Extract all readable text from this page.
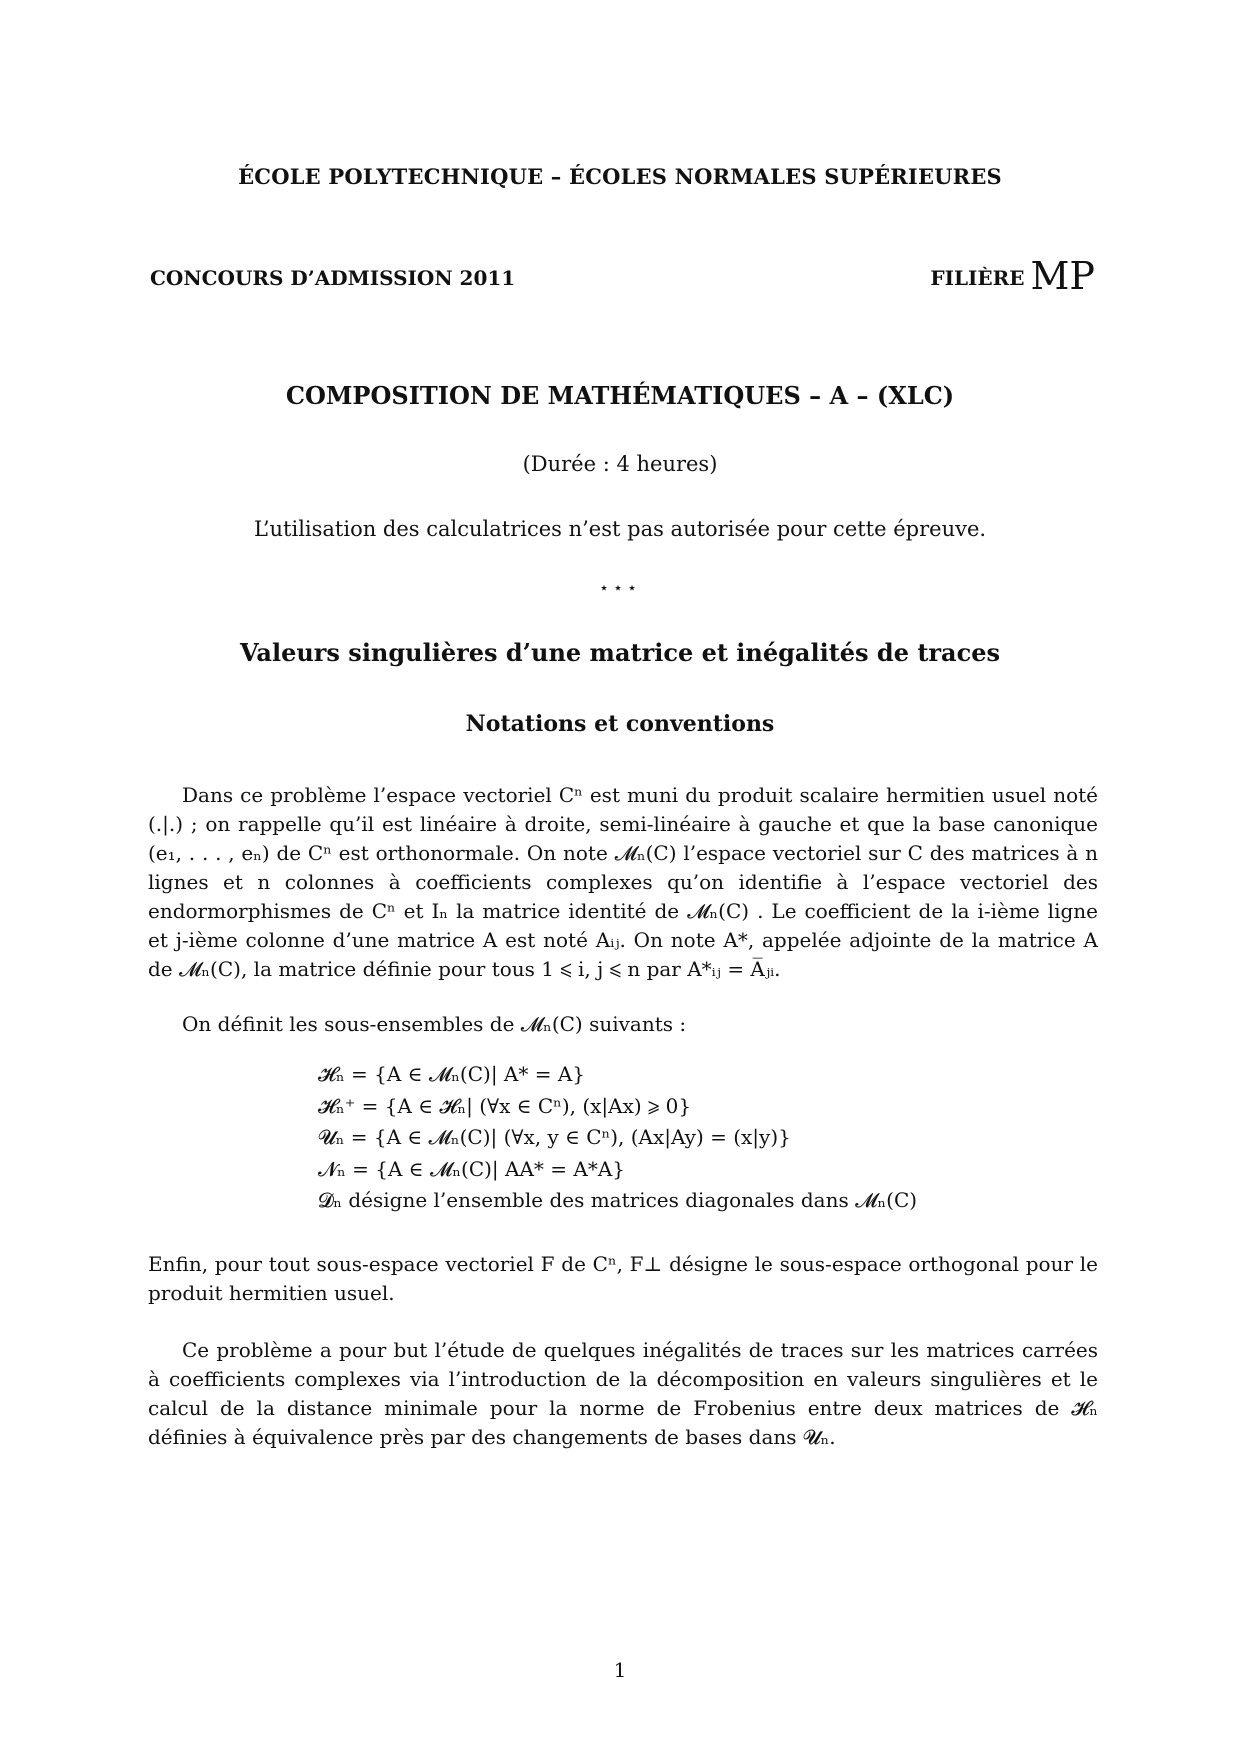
ÉCOLE POLYTECHNIQUE – ÉCOLES NORMALES SUPÉRIEURES
CONCOURS D’ADMISSION 2011	FILIÈRE MP
COMPOSITION DE MATHÉMATIQUES – A – (XLC)
(Durée : 4 heures)
L’utilisation des calculatrices n’est pas autorisée pour cette épreuve.
⋆⋆⋆
Valeurs singulières d’une matrice et inégalités de traces
Notations et conventions
Dans ce problème l’espace vectoriel Cⁿ est muni du produit scalaire hermitien usuel noté (.|.) ; on rappelle qu’il est linéaire à droite, semi-linéaire à gauche et que la base canonique (e₁, . . . , eₙ) de Cⁿ est orthonormale. On note 𝓜ₙ(C) l’espace vectoriel sur C des matrices à n lignes et n colonnes à coefficients complexes qu’on identifie à l’espace vectoriel des endormorphismes de Cⁿ et Iₙ la matrice identité de 𝓜ₙ(C) . Le coefficient de la i-ième ligne et j-ième colonne d’une matrice A est noté Aᵢⱼ. On note A*, appelée adjointe de la matrice A de 𝓜ₙ(C), la matrice définie pour tous 1 ⩽ i, j ⩽ n par A*ᵢⱼ = A̅ⱼᵢ.
On définit les sous-ensembles de 𝓜ₙ(C) suivants :
𝓗ₙ = {A ∈ 𝓜ₙ(C)| A* = A}
𝓗ₙ⁺ = {A ∈ 𝓗ₙ| (∀x ∈ Cⁿ), (x|Ax) ⩾ 0}
𝓤ₙ = {A ∈ 𝓜ₙ(C)| (∀x, y ∈ Cⁿ), (Ax|Ay) = (x|y)}
𝓝ₙ = {A ∈ 𝓜ₙ(C)| AA* = A*A}
𝓓ₙ désigne l’ensemble des matrices diagonales dans 𝓜ₙ(C)
Enfin, pour tout sous-espace vectoriel F de Cⁿ, F⊥ désigne le sous-espace orthogonal pour le produit hermitien usuel.
Ce problème a pour but l’étude de quelques inégalités de traces sur les matrices carrées à coefficients complexes via l’introduction de la décomposition en valeurs singulières et le calcul de la distance minimale pour la norme de Frobenius entre deux matrices de 𝓗ₙ définies à équivalence près par des changements de bases dans 𝓤ₙ.
1
